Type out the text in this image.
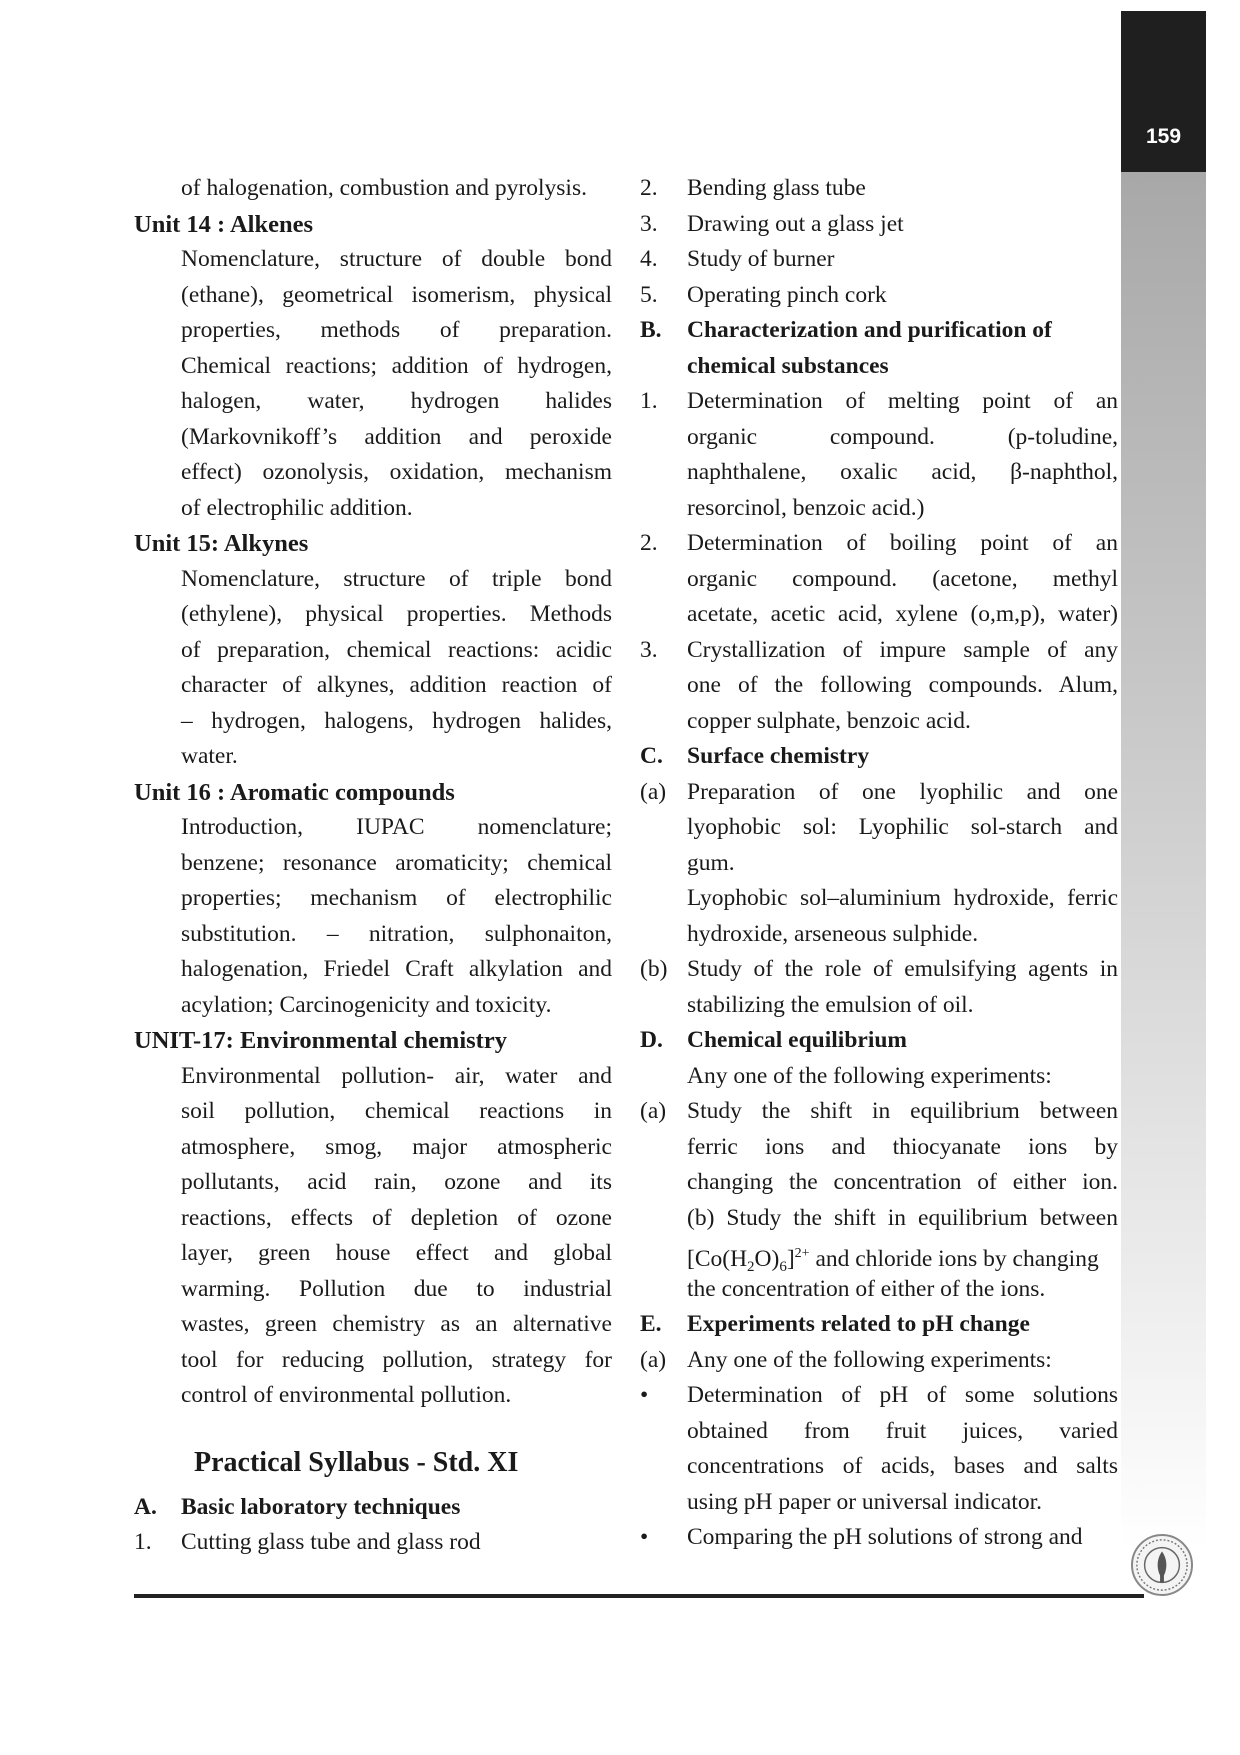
159
of halogenation, combustion and pyrolysis.
Unit 14 : Alkenes
Nomenclature, structure of double bond
(ethane), geometrical isomerism, physical
properties, methods of preparation.
Chemical reactions; addition of hydrogen,
halogen, water, hydrogen halides
(Markovnikoff’s addition and peroxide
effect) ozonolysis, oxidation, mechanism
of electrophilic addition.
Unit 15: Alkynes
Nomenclature, structure of triple bond
(ethylene), physical properties. Methods
of preparation, chemical reactions: acidic
character of alkynes, addition reaction of
– hydrogen, halogens, hydrogen halides,
water.
Unit 16 : Aromatic compounds
Introduction, IUPAC nomenclature;
benzene; resonance aromaticity; chemical
properties; mechanism of electrophilic
substitution. – nitration, sulphonaiton,
halogenation, Friedel Craft alkylation and
acylation; Carcinogenicity and toxicity.
UNIT-17: Environmental chemistry
Environmental pollution- air, water and
soil pollution, chemical reactions in
atmosphere, smog, major atmospheric
pollutants, acid rain, ozone and its
reactions, effects of depletion of ozone
layer, green house effect and global
warming. Pollution due to industrial
wastes, green chemistry as an alternative
tool for reducing pollution, strategy for
control of environmental pollution.
Practical Syllabus - Std. XI
A.	Basic laboratory techniques
1.	Cutting glass tube and glass rod
2.	Bending glass tube
3.	Drawing out a glass jet
4.	Study of burner
5.	Operating pinch cork
B.	Characterization and purification of
chemical substances
1.	Determination of melting point of an
organic compound. (p-toludine,
naphthalene, oxalic acid, β-naphthol,
resorcinol, benzoic acid.)
2.	Determination of boiling point of an
organic compound. (acetone, methyl
acetate, acetic acid, xylene (o,m,p), water)
3.	Crystallization of impure sample of any
one of the following compounds. Alum,
copper sulphate, benzoic acid.
C.	Surface chemistry
(a) Preparation of one lyophilic and one
lyophobic sol: Lyophilic sol-starch and
gum.
Lyophobic sol–aluminium hydroxide, ferric
hydroxide, arseneous sulphide.
(b) Study of the role of emulsifying agents in
stabilizing the emulsion of oil.
D.	Chemical equilibrium
Any one of the following experiments:
(a) Study the shift in equilibrium between
ferric ions and thiocyanate ions by
changing the concentration of either ion.
(b) Study the shift in equilibrium between
$[Co(H_2O)_6]^{2+}$ and chloride ions by changing
the concentration of either of the ions.
E.	Experiments related to pH change
(a) Any one of the following experiments:
•	Determination of pH of some solutions
obtained from fruit juices, varied
concentrations of acids, bases and salts
using pH paper or universal indicator.
•	Comparing the pH solutions of strong and
